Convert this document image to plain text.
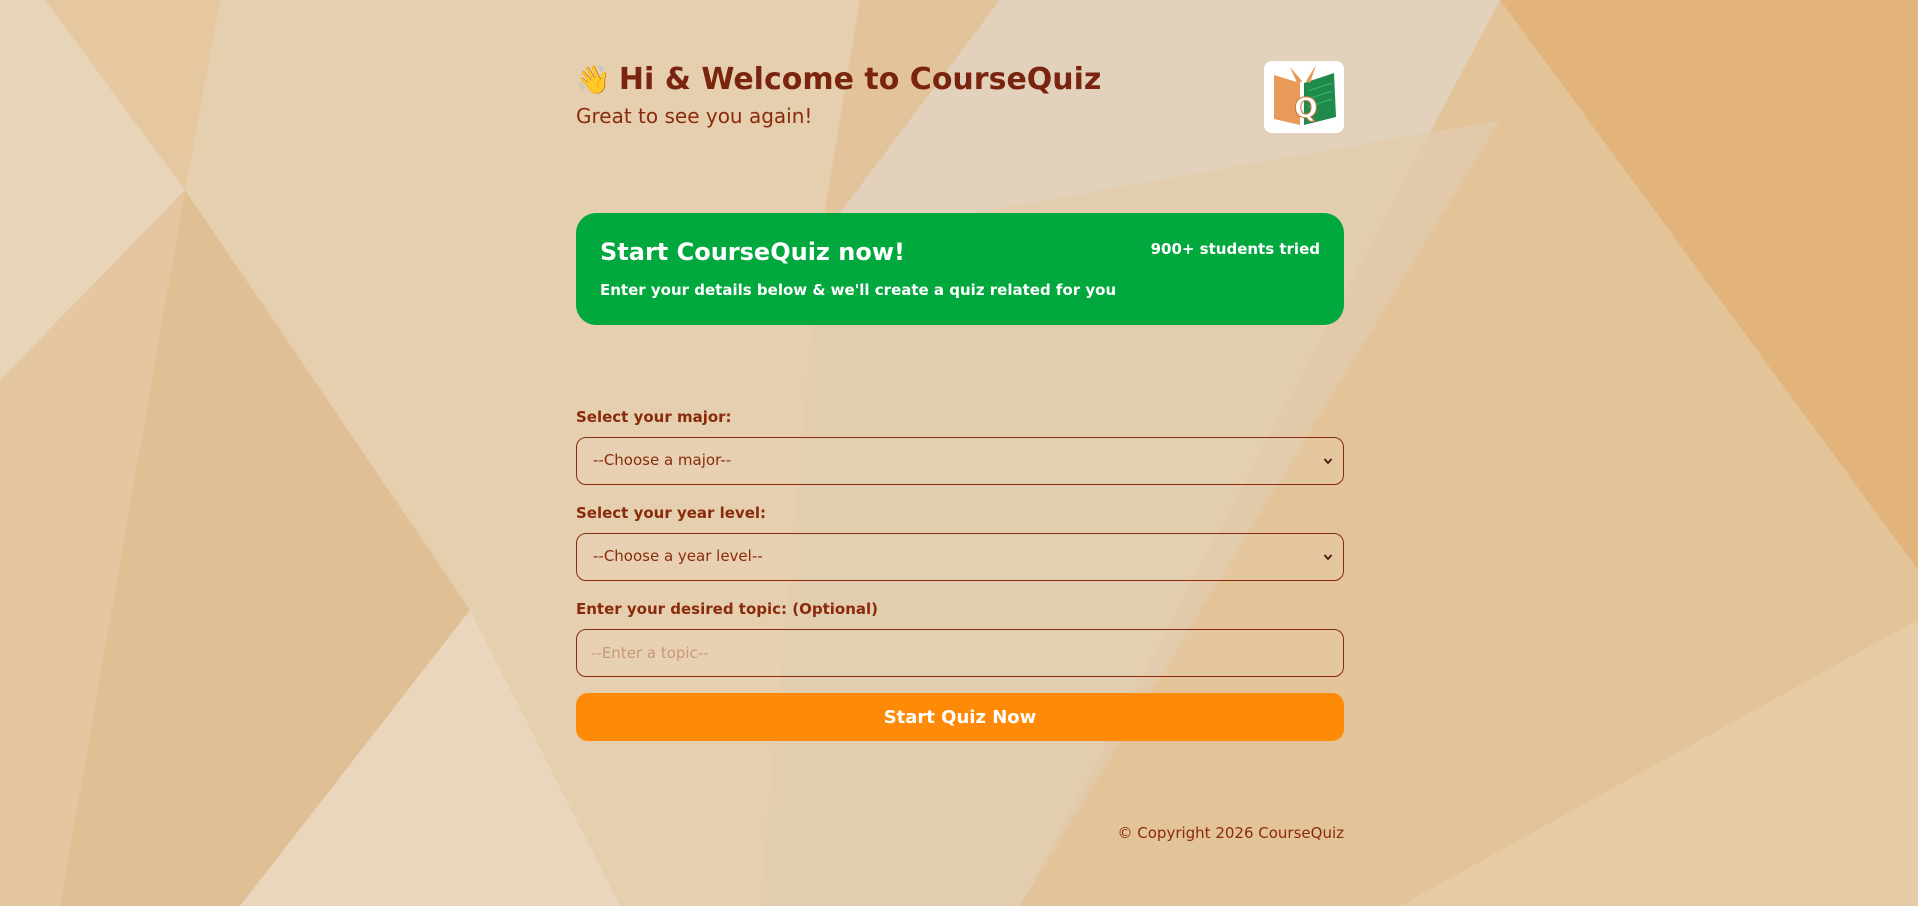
👋 Hi & Welcome to CourseQuiz
Great to see you again!	Q
Start CourseQuiz now!
Enter your details below & we'll create a quiz related for you
900+ students tried
Select your major:
--Choose a major--
Select your year level:
--Choose a year level--
Enter your desired topic: (Optional)
--Enter a topic--
Start Quiz Now
© Copyright 2026 CourseQuiz
